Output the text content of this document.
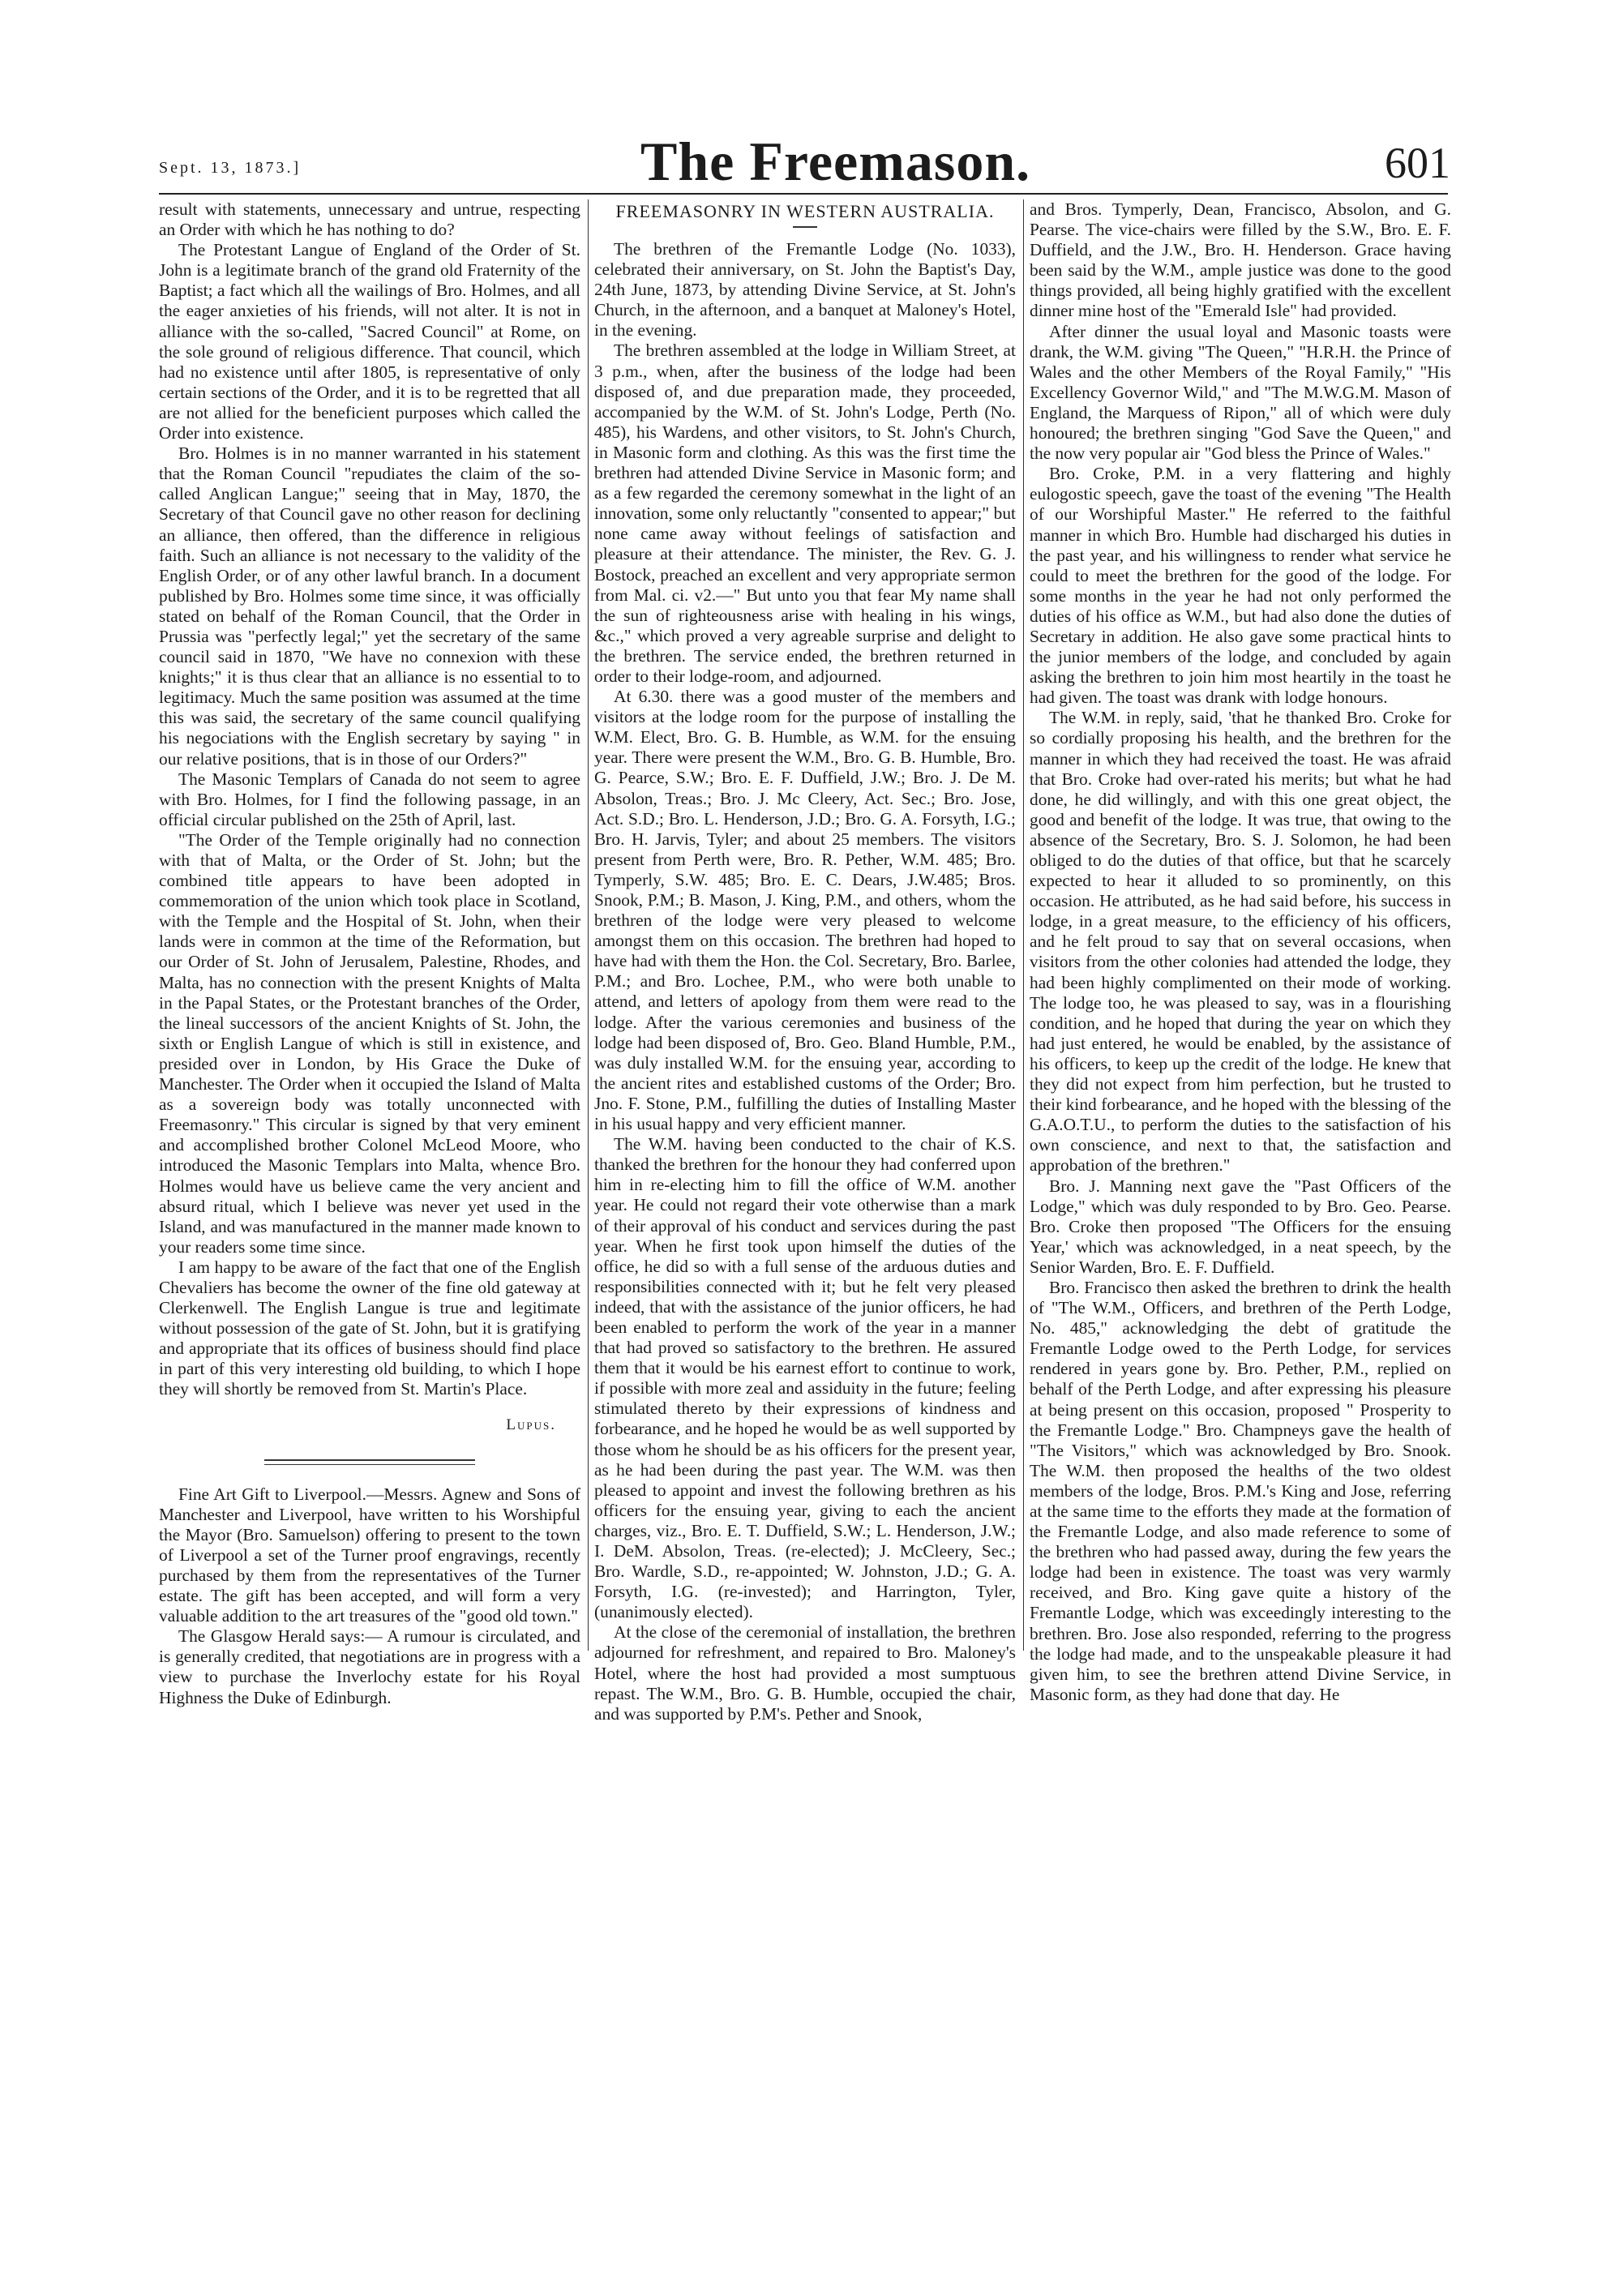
Sept. 13, 1873.]	The Freemason.	601

result with statements, unnecessary and untrue, respecting an Order with which he has nothing to do?

The Protestant Langue of England of the Order of St. John is a legitimate branch of the grand old Fraternity of the Baptist; a fact which all the wailings of Bro. Holmes, and all the eager anxieties of his friends, will not alter. It is not in alliance with the so-called, "Sacred Council" at Rome, on the sole ground of religious difference. That council, which had no existence until after 1805, is representative of only certain sections of the Order, and it is to be regretted that all are not allied for the beneficient purposes which called the Order into existence.

Bro. Holmes is in no manner warranted in his statement that the Roman Council "repudiates the claim of the so-called Anglican Langue;" seeing that in May, 1870, the Secretary of that Council gave no other reason for declining an alliance, then offered, than the difference in religious faith. Such an alliance is not necessary to the validity of the English Order, or of any other lawful branch. In a document published by Bro. Holmes some time since, it was officially stated on behalf of the Roman Council, that the Order in Prussia was "perfectly legal;" yet the secretary of the same council said in 1870, "We have no connexion with these knights;" it is thus clear that an alliance is no essential to to legitimacy. Much the same position was assumed at the time this was said, the secretary of the same council qualifying his negociations with the English secretary by saying " in our relative positions, that is in those of our Orders?"

The Masonic Templars of Canada do not seem to agree with Bro. Holmes, for I find the following passage, in an official circular published on the 25th of April, last.

"The Order of the Temple originally had no connection with that of Malta, or the Order of St. John; but the combined title appears to have been adopted in commemoration of the union which took place in Scotland, with the Temple and the Hospital of St. John, when their lands were in common at the time of the Reformation, but our Order of St. John of Jerusalem, Palestine, Rhodes, and Malta, has no connection with the present Knights of Malta in the Papal States, or the Protestant branches of the Order, the lineal successors of the ancient Knights of St. John, the sixth or English Langue of which is still in existence, and presided over in London, by His Grace the Duke of Manchester. The Order when it occupied the Island of Malta as a sovereign body was totally unconnected with Freemasonry." This circular is signed by that very eminent and accomplished brother Colonel McLeod Moore, who introduced the Masonic Templars into Malta, whence Bro. Holmes would have us believe came the very ancient and absurd ritual, which I believe was never yet used in the Island, and was manufactured in the manner made known to your readers some time since.

I am happy to be aware of the fact that one of the English Chevaliers has become the owner of the fine old gateway at Clerkenwell. The English Langue is true and legitimate without possession of the gate of St. John, but it is gratifying and appropriate that its offices of business should find place in part of this very interesting old building, to which I hope they will shortly be removed from St. Martin's Place.

Lupus.

Fine Art Gift to Liverpool.—Messrs. Agnew and Sons of Manchester and Liverpool, have written to his Worshipful the Mayor (Bro. Samuelson) offering to present to the town of Liverpool a set of the Turner proof engravings, recently purchased by them from the representatives of the Turner estate. The gift has been accepted, and will form a very valuable addition to the art treasures of the "good old town."

The Glasgow Herald says:— A rumour is circulated, and is generally credited, that negotiations are in progress with a view to purchase the Inverlochy estate for his Royal Highness the Duke of Edinburgh.

FREEMASONRY IN WESTERN AUSTRALIA.

The brethren of the Fremantle Lodge (No. 1033), celebrated their anniversary, on St. John the Baptist's Day, 24th June, 1873, by attending Divine Service, at St. John's Church, in the afternoon, and a banquet at Maloney's Hotel, in the evening.

The brethren assembled at the lodge in William Street, at 3 p.m., when, after the business of the lodge had been disposed of, and due preparation made, they proceeded, accompanied by the W.M. of St. John's Lodge, Perth (No. 485), his Wardens, and other visitors, to St. John's Church, in Masonic form and clothing. As this was the first time the brethren had attended Divine Service in Masonic form; and as a few regarded the ceremony somewhat in the light of an innovation, some only reluctantly "consented to appear;" but none came away without feelings of satisfaction and pleasure at their attendance. The minister, the Rev. G. J. Bostock, preached an excellent and very appropriate sermon from Mal. ci. v2.—" But unto you that fear My name shall the sun of righteousness arise with healing in his wings, &c.," which proved a very agreable surprise and delight to the brethren. The service ended, the brethren returned in order to their lodge-room, and adjourned.

At 6.30. there was a good muster of the members and visitors at the lodge room for the purpose of installing the W.M. Elect, Bro. G. B. Humble, as W.M. for the ensuing year. There were present the W.M., Bro. G. B. Humble, Bro. G. Pearce, S.W.; Bro. E. F. Duffield, J.W.; Bro. J. De M. Absolon, Treas.; Bro. J. Mc Cleery, Act. Sec.; Bro. Jose, Act. S.D.; Bro. L. Henderson, J.D.; Bro. G. A. Forsyth, I.G.; Bro. H. Jarvis, Tyler; and about 25 members. The visitors present from Perth were, Bro. R. Pether, W.M. 485; Bro. Tymperly, S.W. 485; Bro. E. C. Dears, J.W.485; Bros. Snook, P.M.; B. Mason, J. King, P.M., and others, whom the brethren of the lodge were very pleased to welcome amongst them on this occasion. The brethren had hoped to have had with them the Hon. the Col. Secretary, Bro. Barlee, P.M.; and Bro. Lochee, P.M., who were both unable to attend, and letters of apology from them were read to the lodge. After the various ceremonies and business of the lodge had been disposed of, Bro. Geo. Bland Humble, P.M., was duly installed W.M. for the ensuing year, according to the ancient rites and established customs of the Order; Bro. Jno. F. Stone, P.M., fulfilling the duties of Installing Master in his usual happy and very efficient manner.

The W.M. having been conducted to the chair of K.S. thanked the brethren for the honour they had conferred upon him in re-electing him to fill the office of W.M. another year. He could not regard their vote otherwise than a mark of their approval of his conduct and services during the past year. When he first took upon himself the duties of the office, he did so with a full sense of the arduous duties and responsibilities connected with it; but he felt very pleased indeed, that with the assistance of the junior officers, he had been enabled to perform the work of the year in a manner that had proved so satisfactory to the brethren. He assured them that it would be his earnest effort to continue to work, if possible with more zeal and assiduity in the future; feeling stimulated thereto by their expressions of kindness and forbearance, and he hoped he would be as well supported by those whom he should be as his officers for the present year, as he had been during the past year. The W.M. was then pleased to appoint and invest the following brethren as his officers for the ensuing year, giving to each the ancient charges, viz., Bro. E. T. Duffield, S.W.; L. Henderson, J.W.; I. DeM. Absolon, Treas. (re-elected); J. McCleery, Sec.; Bro. Wardle, S.D., re-appointed; W. Johnston, J.D.; G. A. Forsyth, I.G. (re-invested); and Harrington, Tyler, (unanimously elected).

At the close of the ceremonial of installation, the brethren adjourned for refreshment, and repaired to Bro. Maloney's Hotel, where the host had provided a most sumptuous repast. The W.M., Bro. G. B. Humble, occupied the chair, and was supported by P.M's. Pether and Snook,

and Bros. Tymperly, Dean, Francisco, Absolon, and G. Pearse. The vice-chairs were filled by the S.W., Bro. E. F. Duffield, and the J.W., Bro. H. Henderson. Grace having been said by the W.M., ample justice was done to the good things provided, all being highly gratified with the excellent dinner mine host of the "Emerald Isle" had provided.

After dinner the usual loyal and Masonic toasts were drank, the W.M. giving "The Queen," "H.R.H. the Prince of Wales and the other Members of the Royal Family," "His Excellency Governor Wild," and "The M.W.G.M. Mason of England, the Marquess of Ripon," all of which were duly honoured; the brethren singing "God Save the Queen," and the now very popular air "God bless the Prince of Wales."

Bro. Croke, P.M. in a very flattering and highly eulogostic speech, gave the toast of the evening "The Health of our Worshipful Master." He referred to the faithful manner in which Bro. Humble had discharged his duties in the past year, and his willingness to render what service he could to meet the brethren for the good of the lodge. For some months in the year he had not only performed the duties of his office as W.M., but had also done the duties of Secretary in addition. He also gave some practical hints to the junior members of the lodge, and concluded by again asking the brethren to join him most heartily in the toast he had given. The toast was drank with lodge honours.

The W.M. in reply, said, 'that he thanked Bro. Croke for so cordially proposing his health, and the brethren for the manner in which they had received the toast. He was afraid that Bro. Croke had over-rated his merits; but what he had done, he did willingly, and with this one great object, the good and benefit of the lodge. It was true, that owing to the absence of the Secretary, Bro. S. J. Solomon, he had been obliged to do the duties of that office, but that he scarcely expected to hear it alluded to so prominently, on this occasion. He attributed, as he had said before, his success in lodge, in a great measure, to the efficiency of his officers, and he felt proud to say that on several occasions, when visitors from the other colonies had attended the lodge, they had been highly complimented on their mode of working. The lodge too, he was pleased to say, was in a flourishing condition, and he hoped that during the year on which they had just entered, he would be enabled, by the assistance of his officers, to keep up the credit of the lodge. He knew that they did not expect from him perfection, but he trusted to their kind forbearance, and he hoped with the blessing of the G.A.O.T.U., to perform the duties to the satisfaction of his own conscience, and next to that, the satisfaction and approbation of the brethren."

Bro. J. Manning next gave the "Past Officers of the Lodge," which was duly responded to by Bro. Geo. Pearse. Bro. Croke then proposed "The Officers for the ensuing Year,' which was acknowledged, in a neat speech, by the Senior Warden, Bro. E. F. Duffield.

Bro. Francisco then asked the brethren to drink the health of "The W.M., Officers, and brethren of the Perth Lodge, No. 485," acknowledging the debt of gratitude the Fremantle Lodge owed to the Perth Lodge, for services rendered in years gone by. Bro. Pether, P.M., replied on behalf of the Perth Lodge, and after expressing his pleasure at being present on this occasion, proposed " Prosperity to the Fremantle Lodge." Bro. Champneys gave the health of "The Visitors," which was acknowledged by Bro. Snook. The W.M. then proposed the healths of the two oldest members of the lodge, Bros. P.M.'s King and Jose, referring at the same time to the efforts they made at the formation of the Fremantle Lodge, and also made reference to some of the brethren who had passed away, during the few years the lodge had been in existence. The toast was very warmly received, and Bro. King gave quite a history of the Fremantle Lodge, which was exceedingly interesting to the brethren. Bro. Jose also responded, referring to the progress the lodge had made, and to the unspeakable pleasure it had given him, to see the brethren attend Divine Service, in Masonic form, as they had done that day. He
